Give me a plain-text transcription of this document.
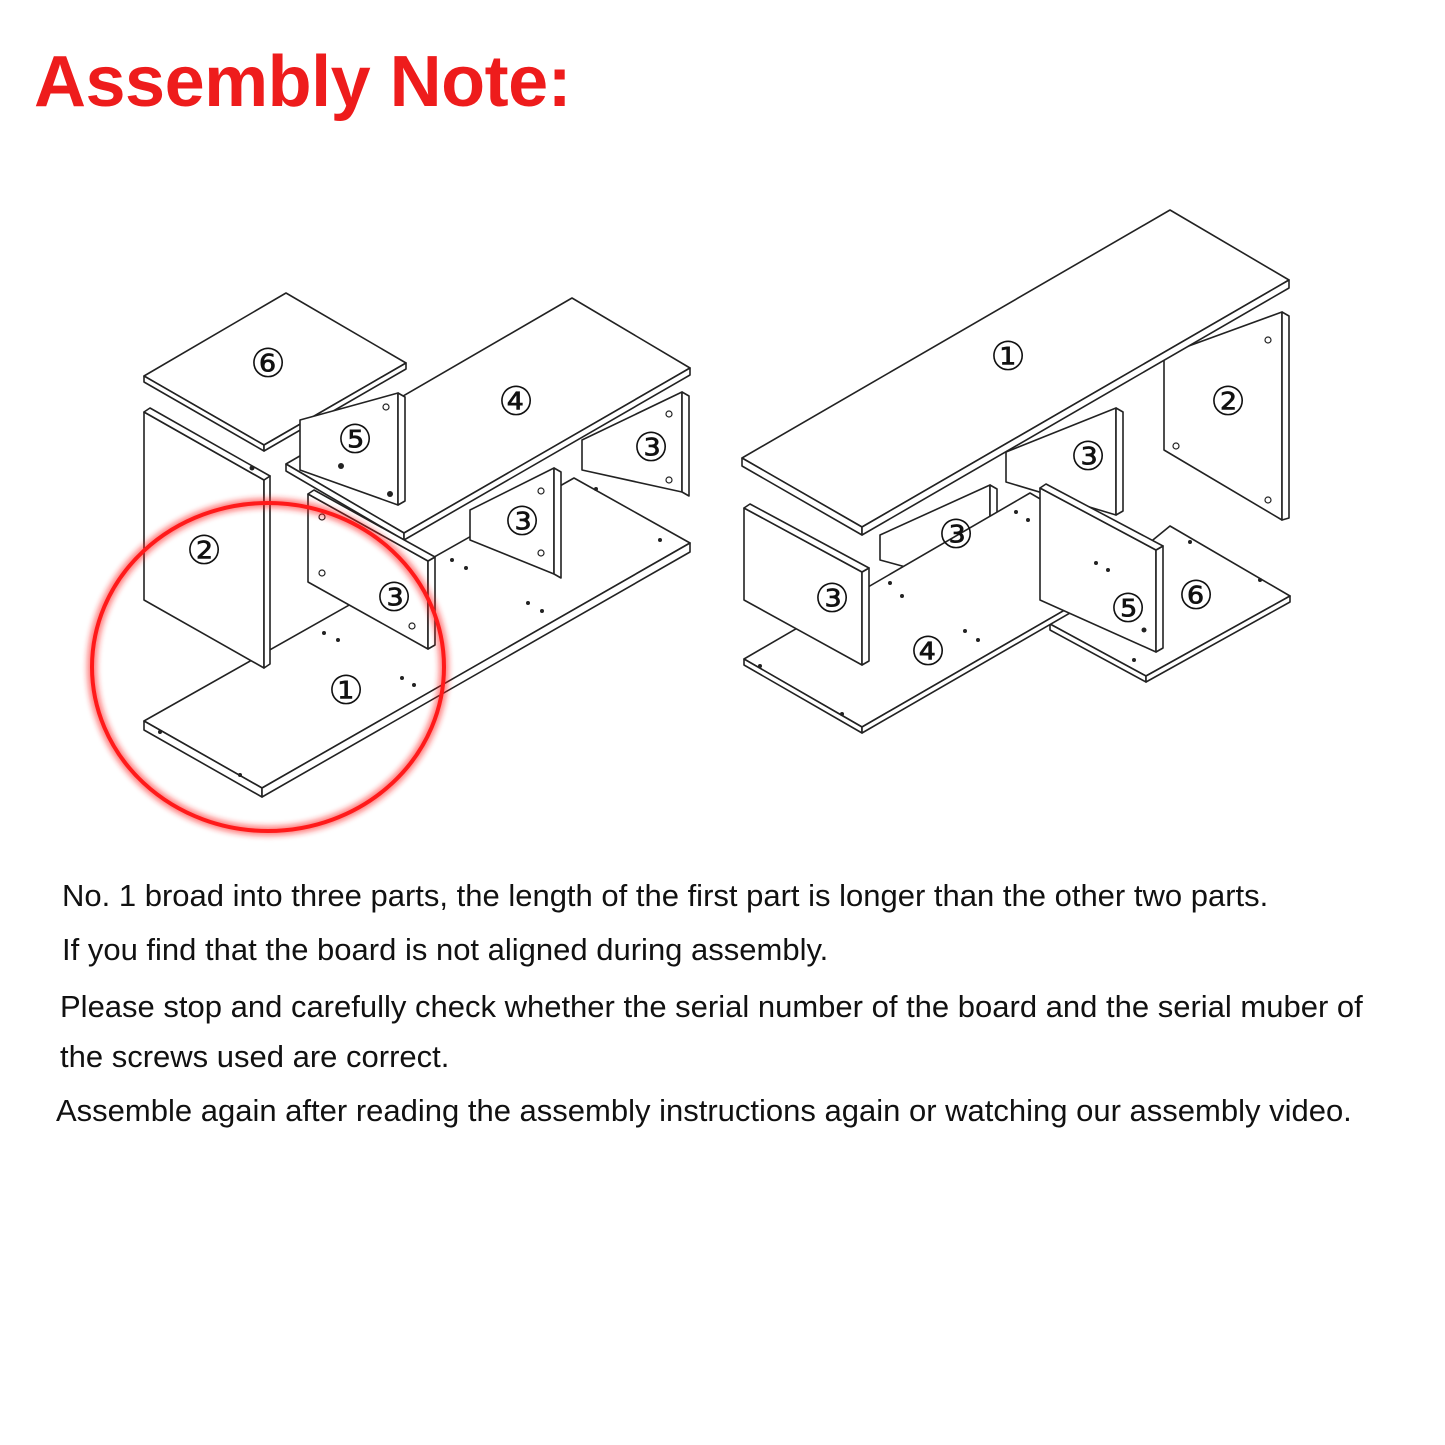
Assembly Note:
①
②
③
④
⑤
⑥
③
③
①
②
③
③
③
④
⑤ ⑥

No. 1 broad into three parts, the length of the first part is longer than the other two parts.

If you find that the board is not aligned during assembly.

Please stop and carefully check whether the serial number of the board and the serial muber of the screws used are correct.

Assemble again after reading the assembly instructions again or watching our assembly video.
